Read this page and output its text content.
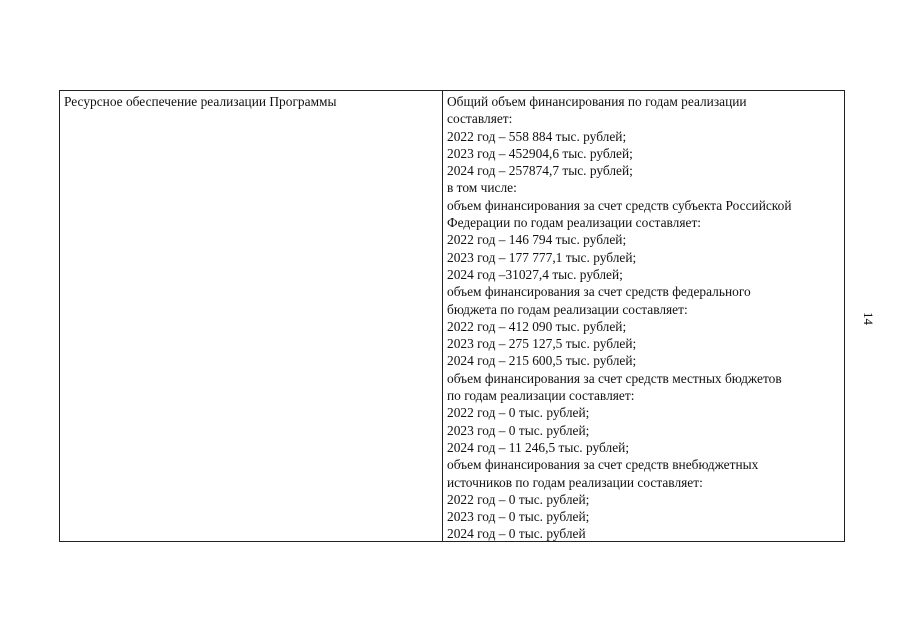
Ресурсное обеспечение реализации Программы	Общий объем финансирования по годам реализации
составляет:
2022 год – 558 884 тыс. рублей;
2023 год – 452904,6 тыс. рублей;
2024 год – 257874,7 тыс. рублей;
в том числе:
объем финансирования за счет средств субъекта Российской
Федерации по годам реализации составляет:
2022 год – 146 794 тыс. рублей;
2023 год – 177 777,1 тыс. рублей;
2024 год –31027,4 тыс. рублей;
объем финансирования за счет средств федерального
бюджета по годам реализации составляет:
2022 год – 412 090 тыс. рублей;
2023 год – 275 127,5 тыс. рублей;
2024 год – 215 600,5 тыс. рублей;
объем финансирования за счет средств местных бюджетов
по годам реализации составляет:
2022 год – 0 тыс. рублей;
2023 год – 0 тыс. рублей;
2024 год – 11 246,5 тыс. рублей;
объем финансирования за счет средств внебюджетных
источников по годам реализации составляет:
2022 год – 0 тыс. рублей;
2023 год – 0 тыс. рублей;
2024 год – 0 тыс. рублей
14
